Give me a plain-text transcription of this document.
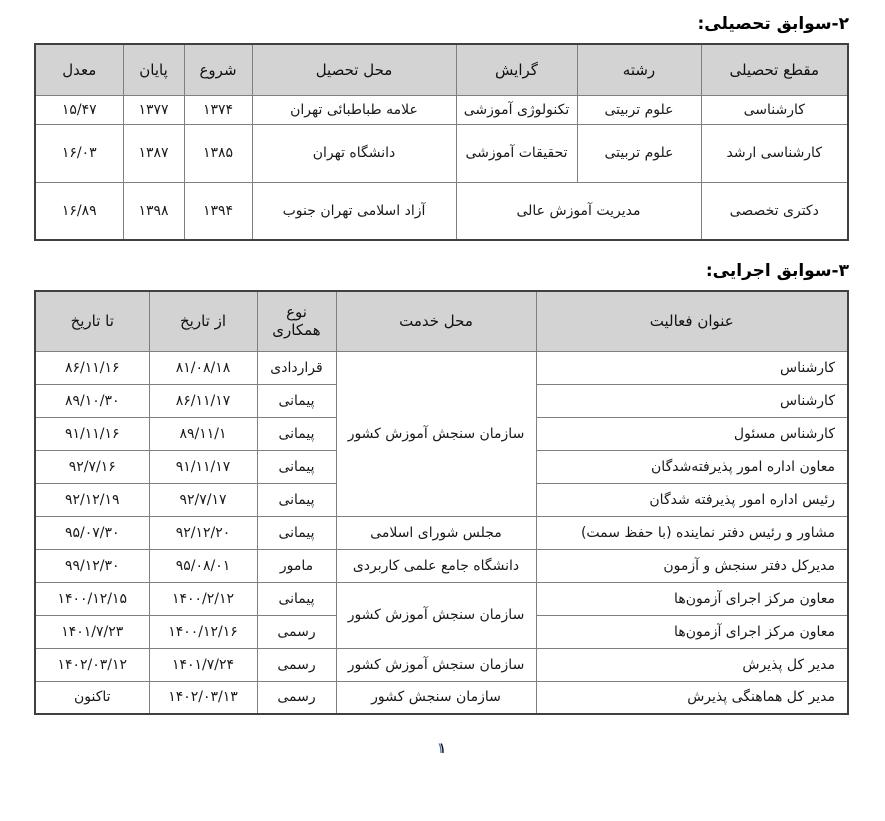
۲-سوابق تحصیلی:
مقطع تحصیلی	رشته	گرایش	محل تحصیل	شروع	پایان	معدل
کارشناسی	علوم تربیتی	تکنولوژی آموزشی	علامه طباطبائی تهران	۱۳۷۴	۱۳۷۷	۱۵/۴۷
کارشناسی ارشد	علوم تربیتی	تحقیقات آموزشی	دانشگاه تهران	۱۳۸۵	۱۳۸۷	۱۶/۰۳
دکتری تخصصی	مدیریت آموزش عالی		آزاد اسلامی تهران جنوب	۱۳۹۴	۱۳۹۸	۱۶/۸۹
۳-سوابق اجرایی:
عنوان فعالیت	محل خدمت	نوع همکاری	از تاریخ	تا تاریخ
کارشناس	سازمان سنجش آموزش کشور	قراردادی	۸۱/۰۸/۱۸	۸۶/۱۱/۱۶
کارشناس		پیمانی	۸۶/۱۱/۱۷	۸۹/۱۰/۳۰
کارشناس مسئول		پیمانی	۸۹/۱۱/۱	۹۱/۱۱/۱۶
معاون اداره امور پذیرفته‌شدگان		پیمانی	۹۱/۱۱/۱۷	۹۲/۷/۱۶
رئیس اداره امور پذیرفته شدگان		پیمانی	۹۲/۷/۱۷	۹۲/۱۲/۱۹
مشاور و رئیس دفتر نماینده (با حفظ سمت)	مجلس شورای اسلامی	پیمانی	۹۲/۱۲/۲۰	۹۵/۰۷/۳۰
مدیرکل دفتر سنجش و آزمون	دانشگاه جامع علمی کاربردی	مامور	۹۵/۰۸/۰۱	۹۹/۱۲/۳۰
معاون مرکز اجرای آزمون‌ها	سازمان سنجش آموزش کشور	پیمانی	۱۴۰۰/۲/۱۲	۱۴۰۰/۱۲/۱۵
معاون مرکز اجرای آزمون‌ها		رسمی	۱۴۰۰/۱۲/۱۶	۱۴۰۱/۷/۲۳
مدیر کل پذیرش	سازمان سنجش آموزش کشور	رسمی	۱۴۰۱/۷/۲۴	۱۴۰۲/۰۳/۱۲
مدیر کل هماهنگی پذیرش	سازمان سنجش کشور	رسمی	۱۴۰۲/۰۳/۱۳	تاکنون
۱
